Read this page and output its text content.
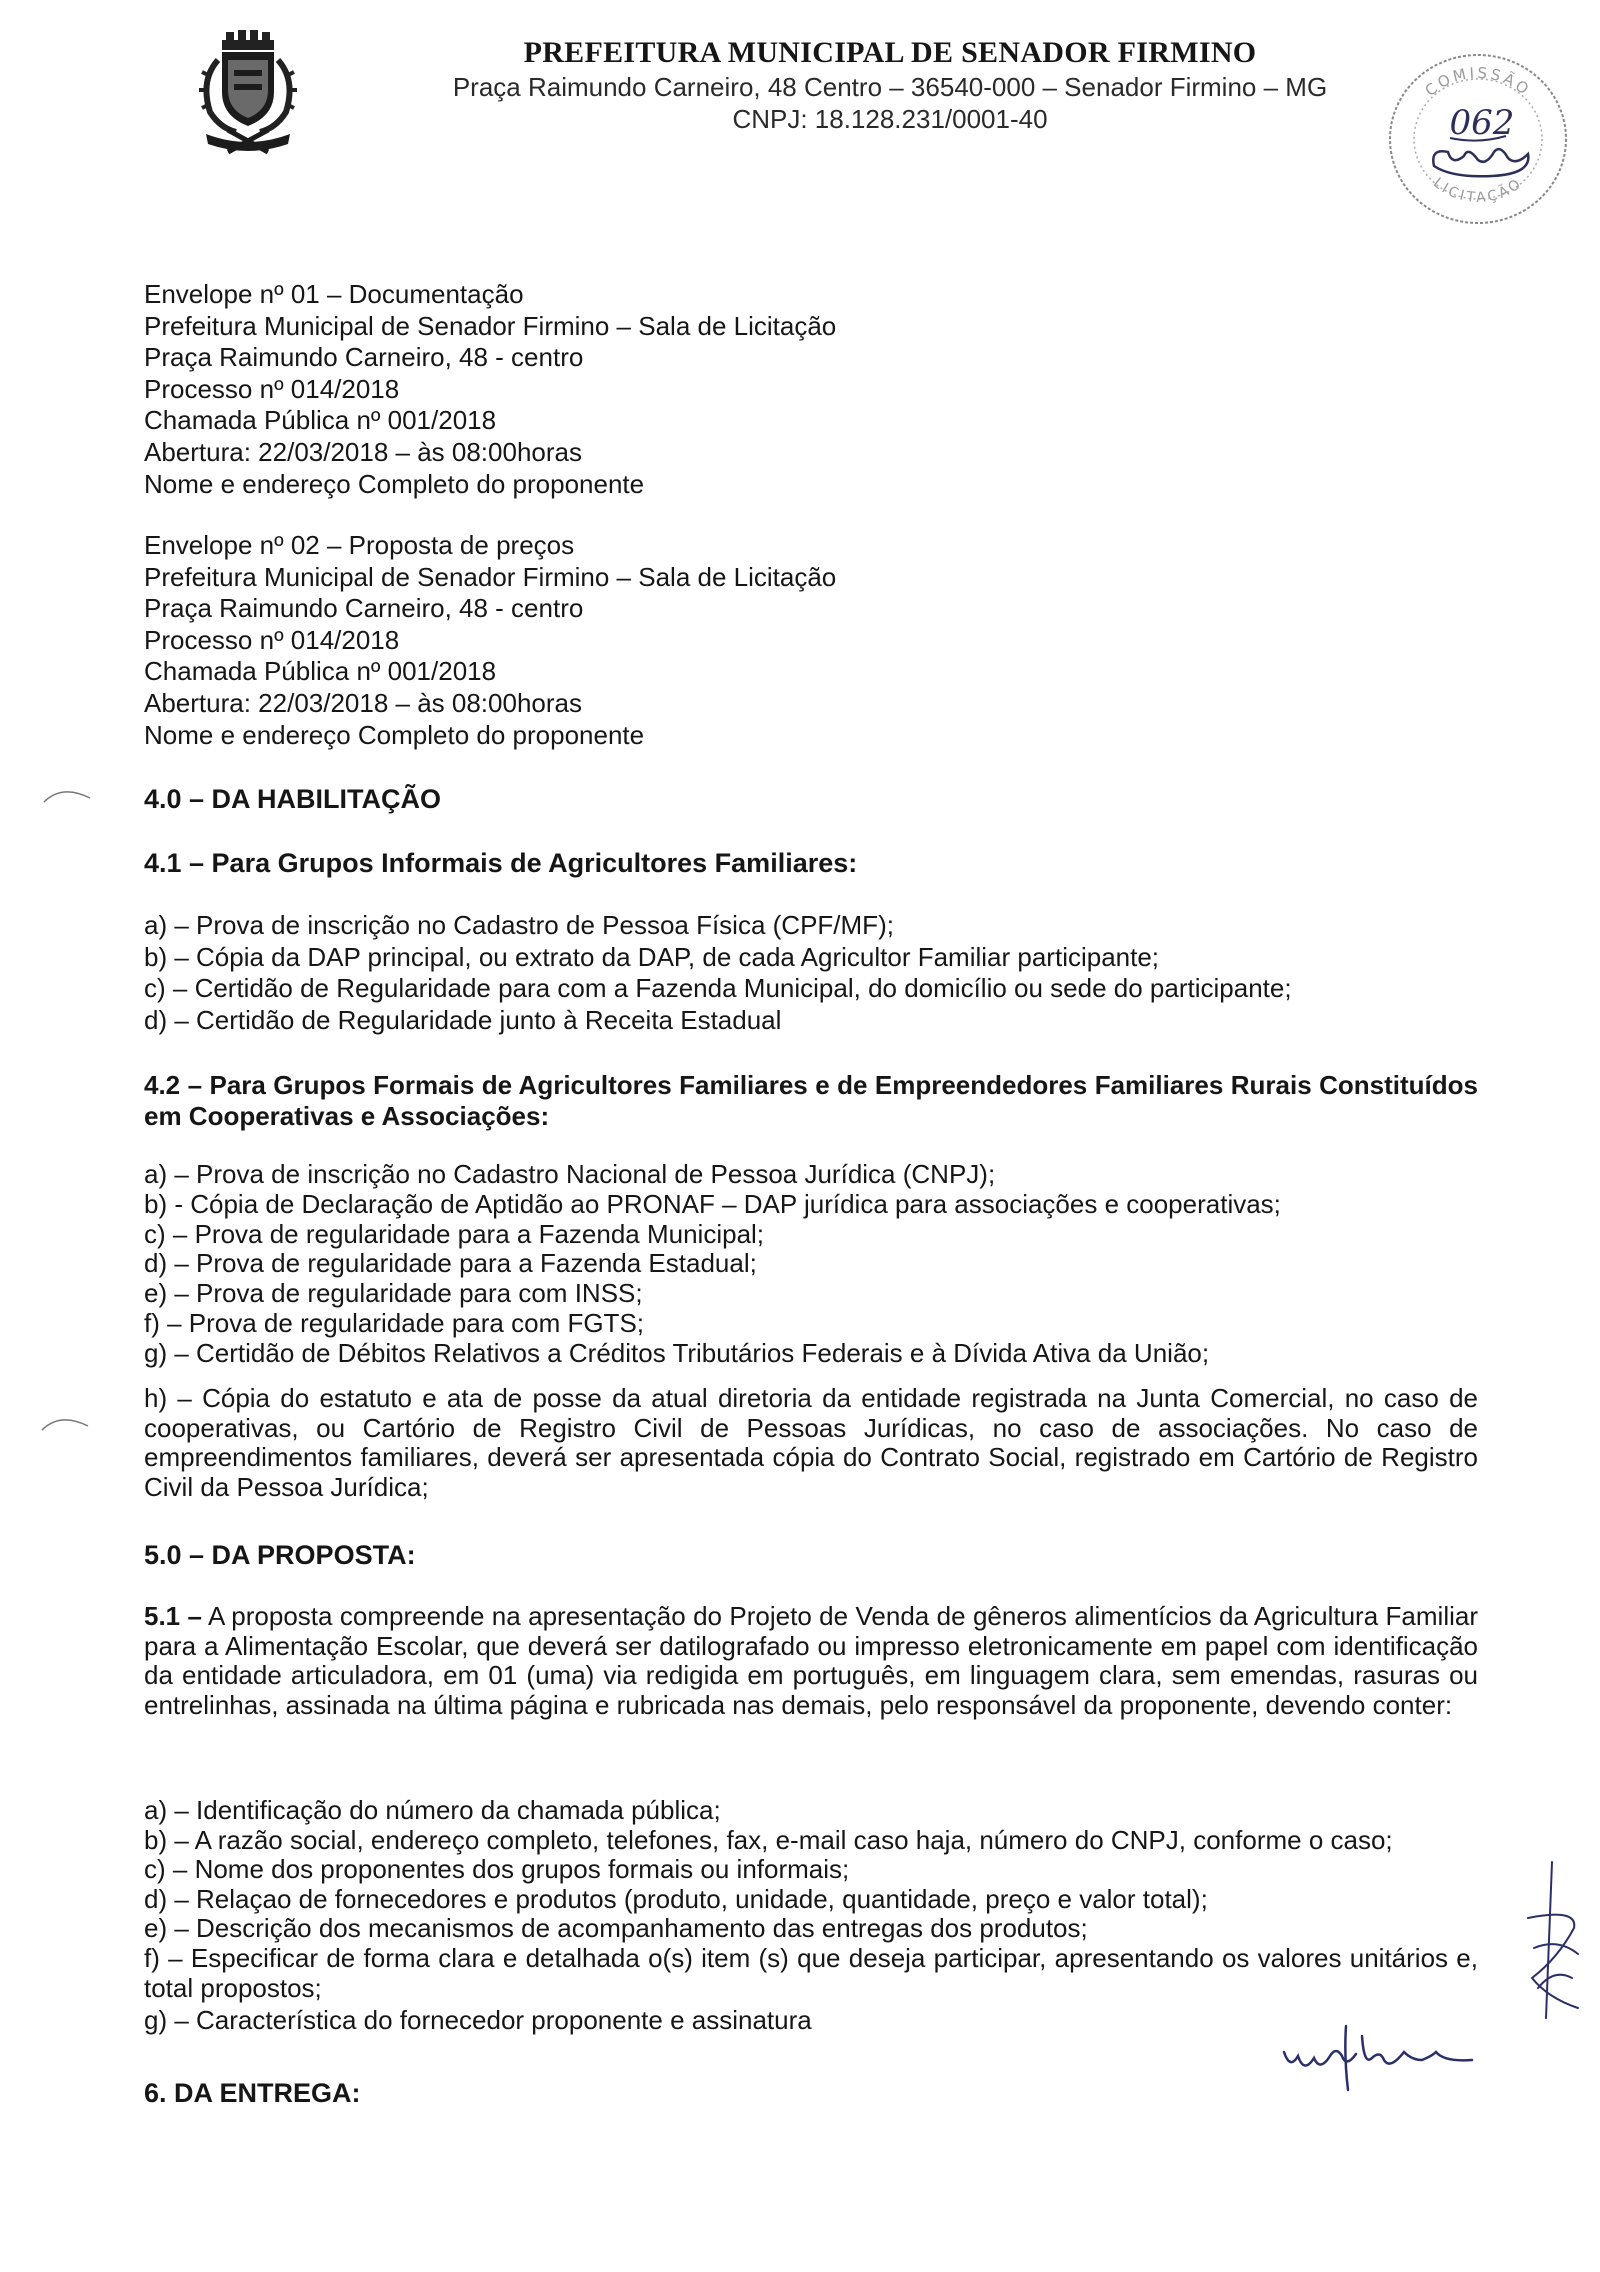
PREFEITURA MUNICIPAL DE SENADOR FIRMINO
Praça Raimundo Carneiro, 48 Centro – 36540-000 – Senador Firmino – MG
CNPJ: 18.128.231/0001-40
COMISSÃO
LICITAÇÃO
062
Envelope nº 01 – Documentação
Prefeitura Municipal de Senador Firmino – Sala de Licitação
Praça Raimundo Carneiro, 48 - centro
Processo nº 014/2018
Chamada Pública nº 001/2018
Abertura: 22/03/2018 – às 08:00horas
Nome e endereço Completo do proponente
Envelope nº 02 – Proposta de preços
Prefeitura Municipal de Senador Firmino – Sala de Licitação
Praça Raimundo Carneiro, 48 - centro
Processo nº 014/2018
Chamada Pública nº 001/2018
Abertura: 22/03/2018 – às 08:00horas
Nome e endereço Completo do proponente
4.0 – DA HABILITAÇÃO
4.1 – Para Grupos Informais de Agricultores Familiares:
a) – Prova de inscrição no Cadastro de Pessoa Física (CPF/MF);
b) – Cópia da DAP principal, ou extrato da DAP, de cada Agricultor Familiar participante;
c) – Certidão de Regularidade para com a Fazenda Municipal, do domicílio ou sede do participante;
d) – Certidão de Regularidade junto à Receita Estadual
4.2 – Para Grupos Formais de Agricultores Familiares e de Empreendedores Familiares Rurais Constituídos em Cooperativas e Associações:
a) – Prova de inscrição no Cadastro Nacional de Pessoa Jurídica (CNPJ);
b) - Cópia de Declaração de Aptidão ao PRONAF – DAP jurídica para associações e cooperativas;
c) – Prova de regularidade para a Fazenda Municipal;
d) – Prova de regularidade para a Fazenda Estadual;
e) – Prova de regularidade para com INSS;
f) – Prova de regularidade para com FGTS;
g) – Certidão de Débitos Relativos a Créditos Tributários Federais e à Dívida Ativa da União;
h) – Cópia do estatuto e ata de posse da atual diretoria da entidade registrada na Junta Comercial, no caso de cooperativas, ou Cartório de Registro Civil de Pessoas Jurídicas, no caso de associações. No caso de empreendimentos familiares, deverá ser apresentada cópia do Contrato Social, registrado em Cartório de Registro Civil da Pessoa Jurídica;
5.0 – DA PROPOSTA:
5.1 – A proposta compreende na apresentação do Projeto de Venda de gêneros alimentícios da Agricultura Familiar para a Alimentação Escolar, que deverá ser datilografado ou impresso eletronicamente em papel com identificação da entidade articuladora, em 01 (uma) via redigida em português, em linguagem clara, sem emendas, rasuras ou entrelinhas, assinada na última página e rubricada nas demais, pelo responsável da proponente, devendo conter:
a) – Identificação do número da chamada pública;
b) – A razão social, endereço completo, telefones, fax, e-mail caso haja, número do CNPJ, conforme o caso;
c) – Nome dos proponentes dos grupos formais ou informais;
d) – Relaçao de fornecedores e produtos (produto, unidade, quantidade, preço e valor total);
e) – Descrição dos mecanismos de acompanhamento das entregas dos produtos;
f) – Especificar de forma clara e detalhada o(s) item (s) que deseja participar, apresentando os valores unitários e, total propostos;
g) – Característica do fornecedor proponente e assinatura
6. DA ENTREGA:
